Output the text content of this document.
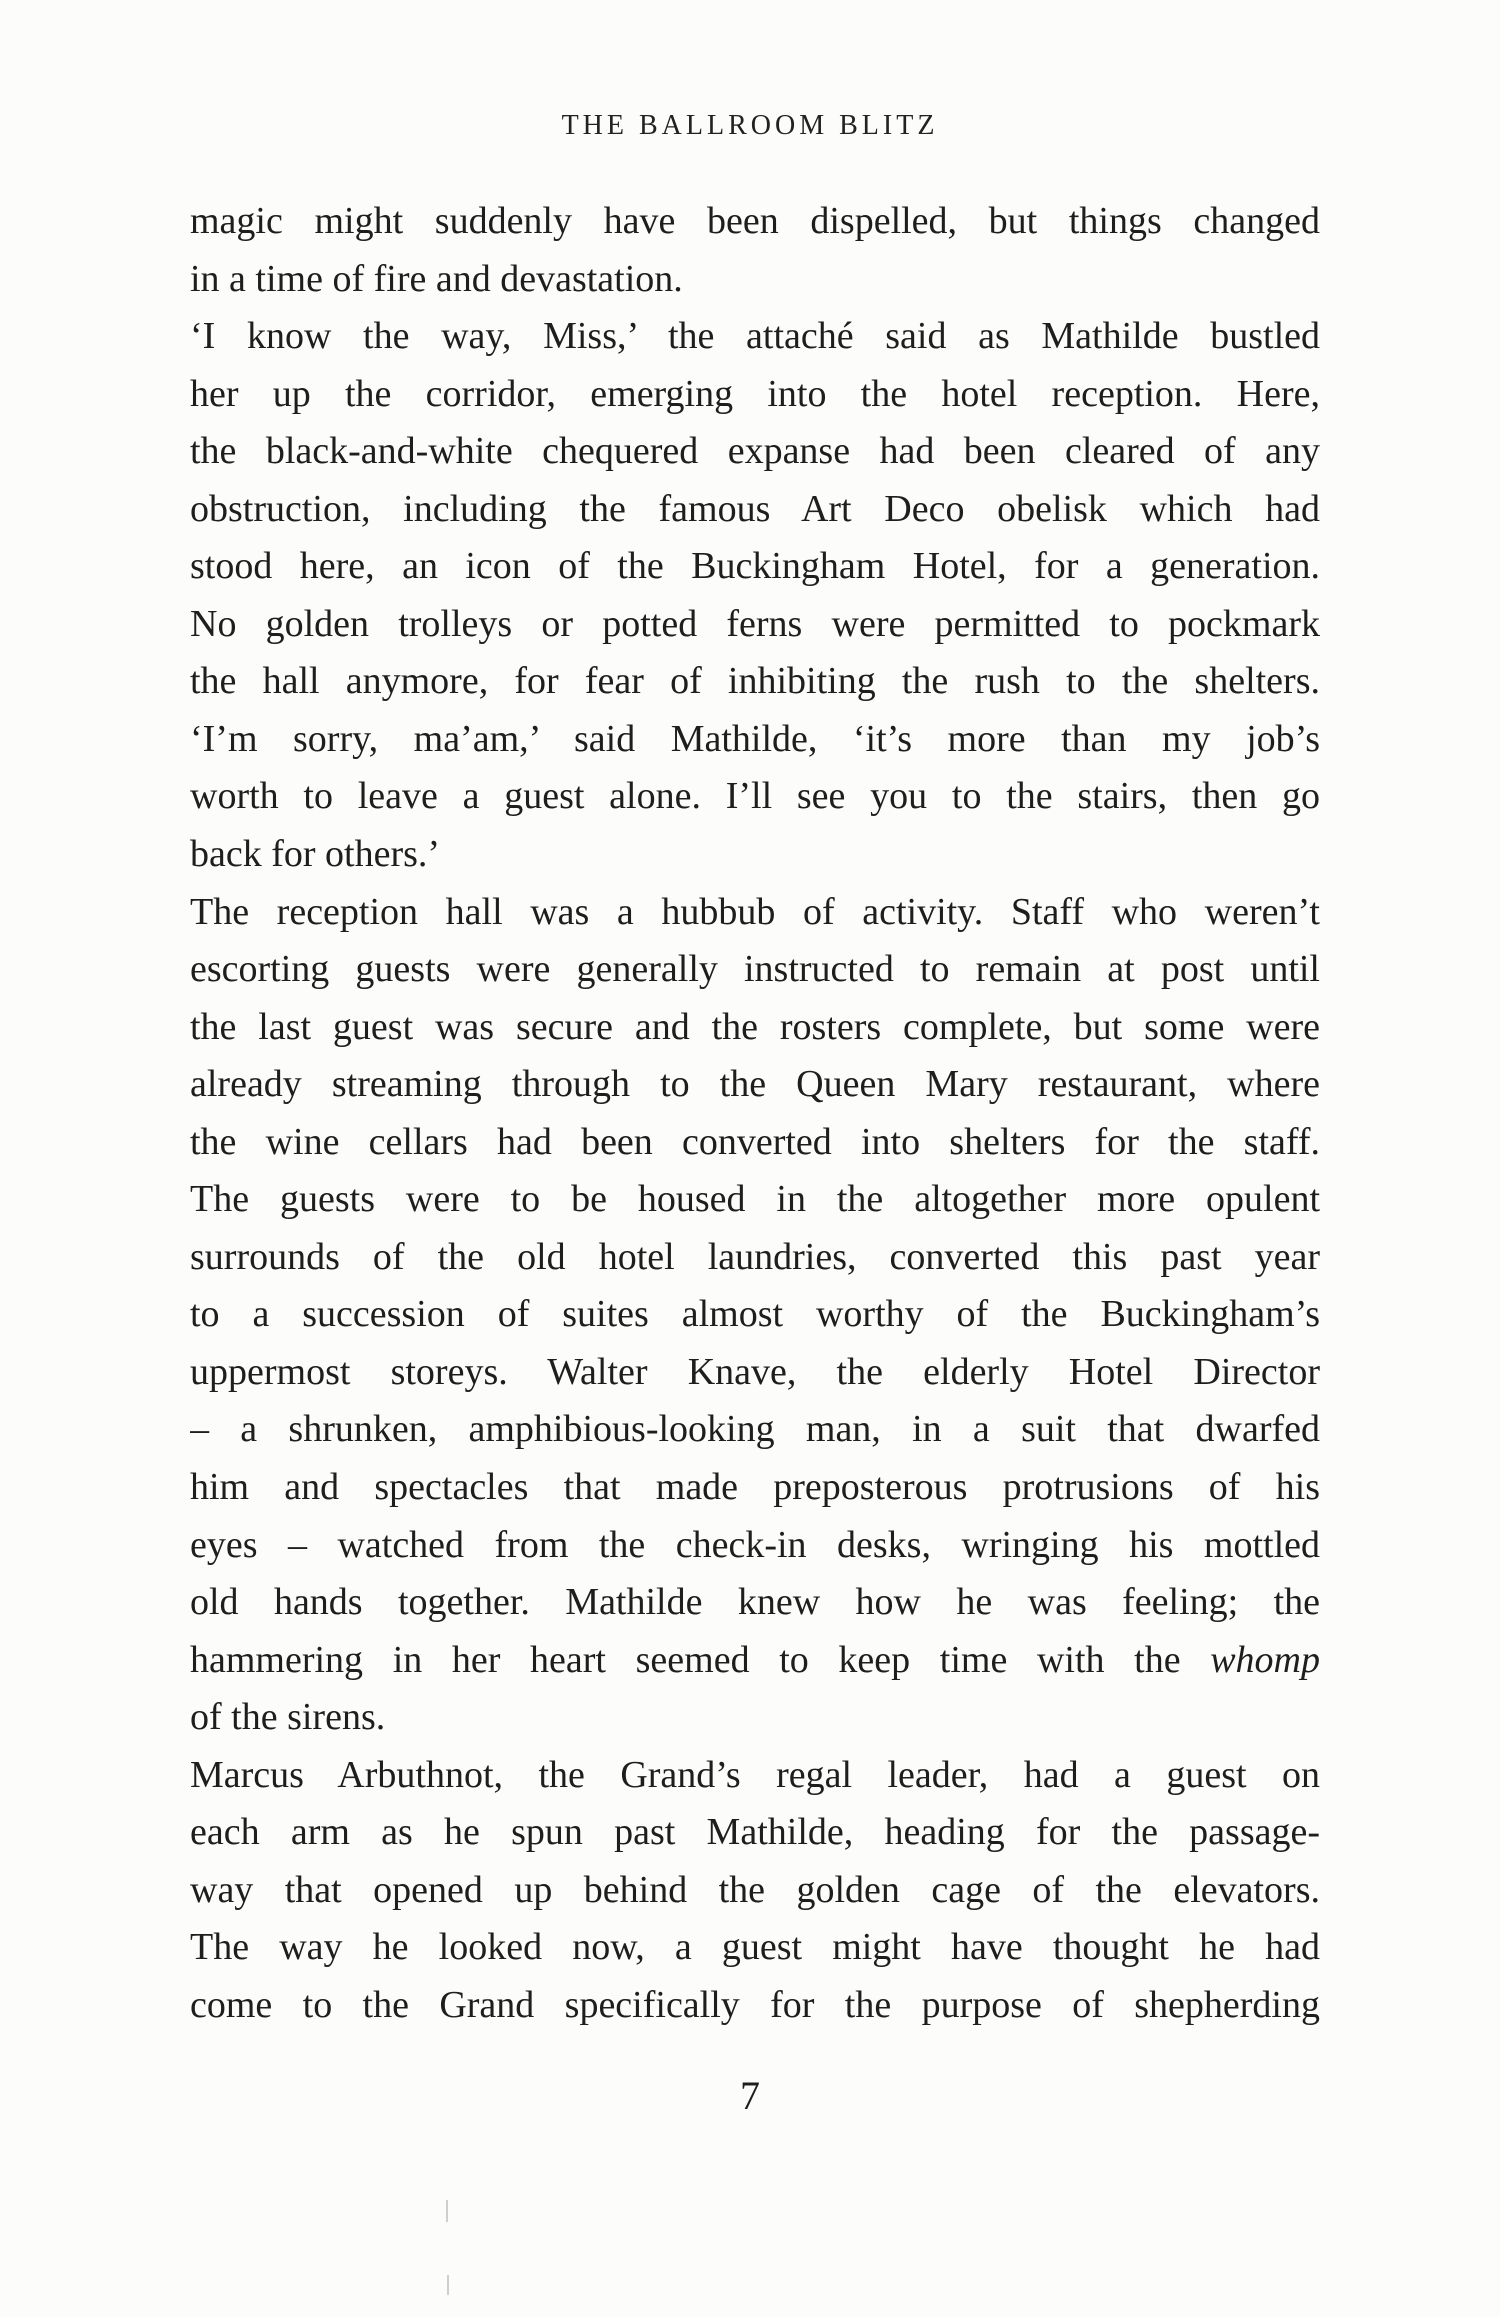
THE BALLROOM BLITZ
magic might suddenly have been dispelled, but things changed
in a time of fire and devastation.
‘I know the way, Miss,’ the attaché said as Mathilde bustled
her up the corridor, emerging into the hotel reception. Here,
the black-and-white chequered expanse had been cleared of any
obstruction, including the famous Art Deco obelisk which had
stood here, an icon of the Buckingham Hotel, for a generation.
No golden trolleys or potted ferns were permitted to pockmark
the hall anymore, for fear of inhibiting the rush to the shelters.
‘I’m sorry, ma’am,’ said Mathilde, ‘it’s more than my job’s
worth to leave a guest alone. I’ll see you to the stairs, then go
back for others.’
The reception hall was a hubbub of activity. Staff who weren’t
escorting guests were generally instructed to remain at post until
the last guest was secure and the rosters complete, but some were
already streaming through to the Queen Mary restaurant, where
the wine cellars had been converted into shelters for the staff.
The guests were to be housed in the altogether more opulent
surrounds of the old hotel laundries, converted this past year
to a succession of suites almost worthy of the Buckingham’s
uppermost storeys. Walter Knave, the elderly Hotel Director
– a shrunken, amphibious-looking man, in a suit that dwarfed
him and spectacles that made preposterous protrusions of his
eyes – watched from the check-in desks, wringing his mottled
old hands together. Mathilde knew how he was feeling; the
hammering in her heart seemed to keep time with the whomp
of the sirens.
Marcus Arbuthnot, the Grand’s regal leader, had a guest on
each arm as he spun past Mathilde, heading for the passage-
way that opened up behind the golden cage of the elevators.
The way he looked now, a guest might have thought he had
come to the Grand specifically for the purpose of shepherding
7
